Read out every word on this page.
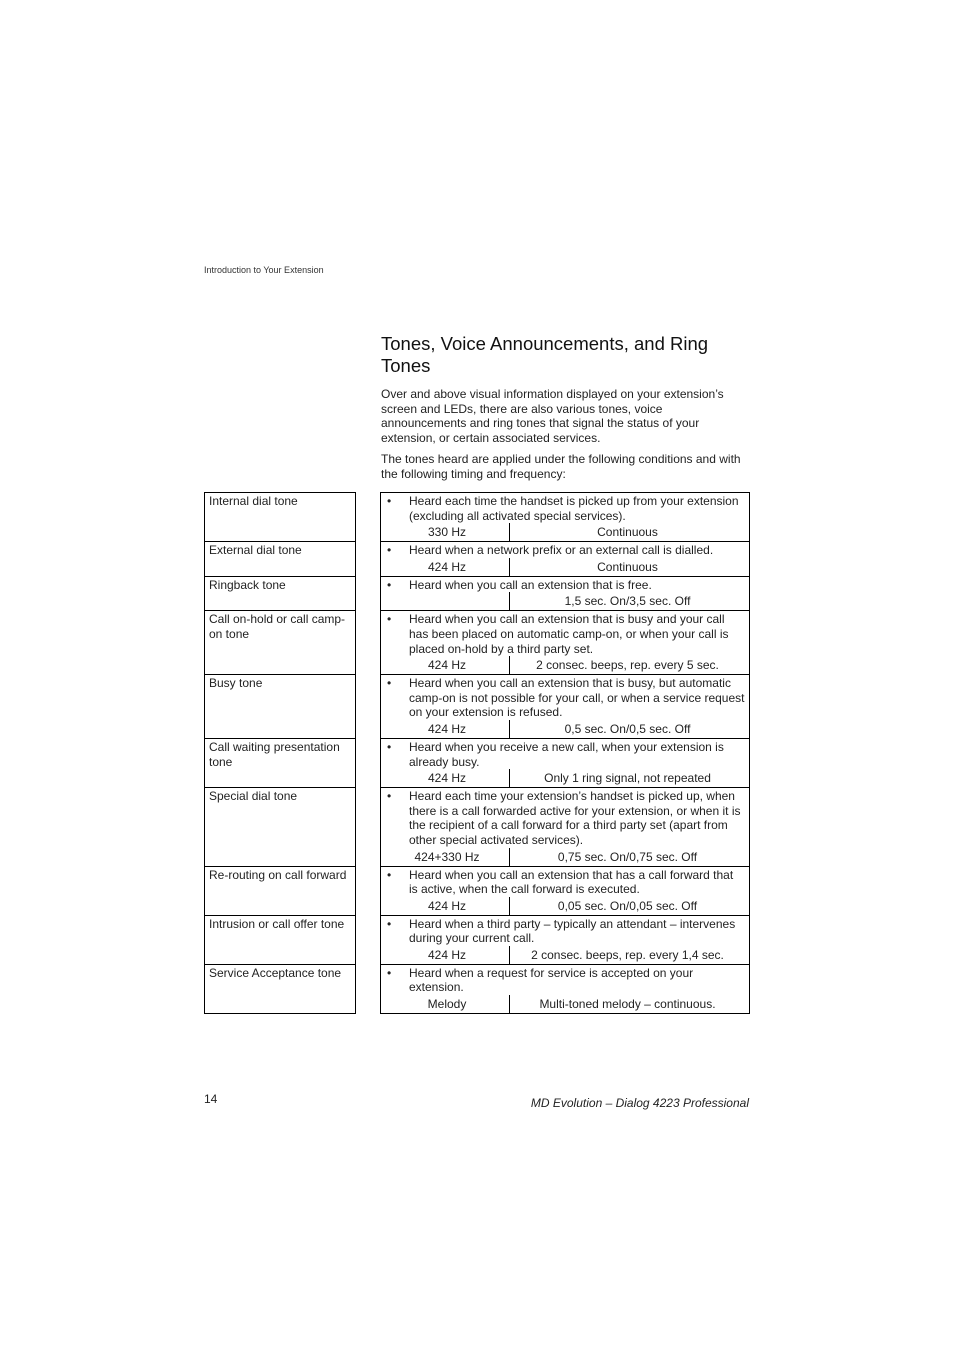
Introduction to Your Extension
Tones, Voice Announcements, and Ring Tones

Over and above visual information displayed on your extension’s screen and LEDs, there are also various tones, voice announcements and ring tones that signal the status of your extension, or certain associated services.

The tones heard are applied under the following conditions and with the following timing and frequency:

Internal dial tone	•	Heard each time the handset is picked up from your extension (excluding all activated special services).
330 Hz	Continuous
External dial tone	•	Heard when a network prefix or an external call is dialled.
424 Hz	Continuous
Ringback tone	•	Heard when you call an extension that is free.
1,5 sec. On/3,5 sec. Off
Call on-hold or call camp-on tone
•	Heard when you call an extension that is busy and your call has been placed on automatic camp-on, or when your call is placed on-hold by a third party set.
424 Hz	2 consec. beeps, rep. every 5 sec.
Busy tone	•	Heard when you call an extension that is busy, but automatic camp-on is not possible for your call, or when a service request on your extension is refused.
424 Hz	0,5 sec. On/0,5 sec. Off
Call waiting presentation tone
•	Heard when you receive a new call, when your extension is already busy.
424 Hz	Only 1 ring signal, not repeated
Special dial tone	•	Heard each time your extension’s handset is picked up, when there is a call forwarded active for your extension, or when it is the recipient of a call forward for a third party set (apart from other special activated services).
424+330 Hz	0,75 sec. On/0,75 sec. Off
Re-routing on call forward	•	Heard when you call an extension that has a call forward that is active, when the call forward is executed.
424 Hz	0,05 sec. On/0,05 sec. Off
Intrusion or call offer tone	•	Heard when a third party – typically an attendant – intervenes during your current call.
424 Hz	2 consec. beeps, rep. every 1,4 sec.
Service Acceptance tone	•	Heard when a request for service is accepted on your extension.
Melody	Multi-toned melody – continuous.
14	MD Evolution – Dialog 4223 Professional
